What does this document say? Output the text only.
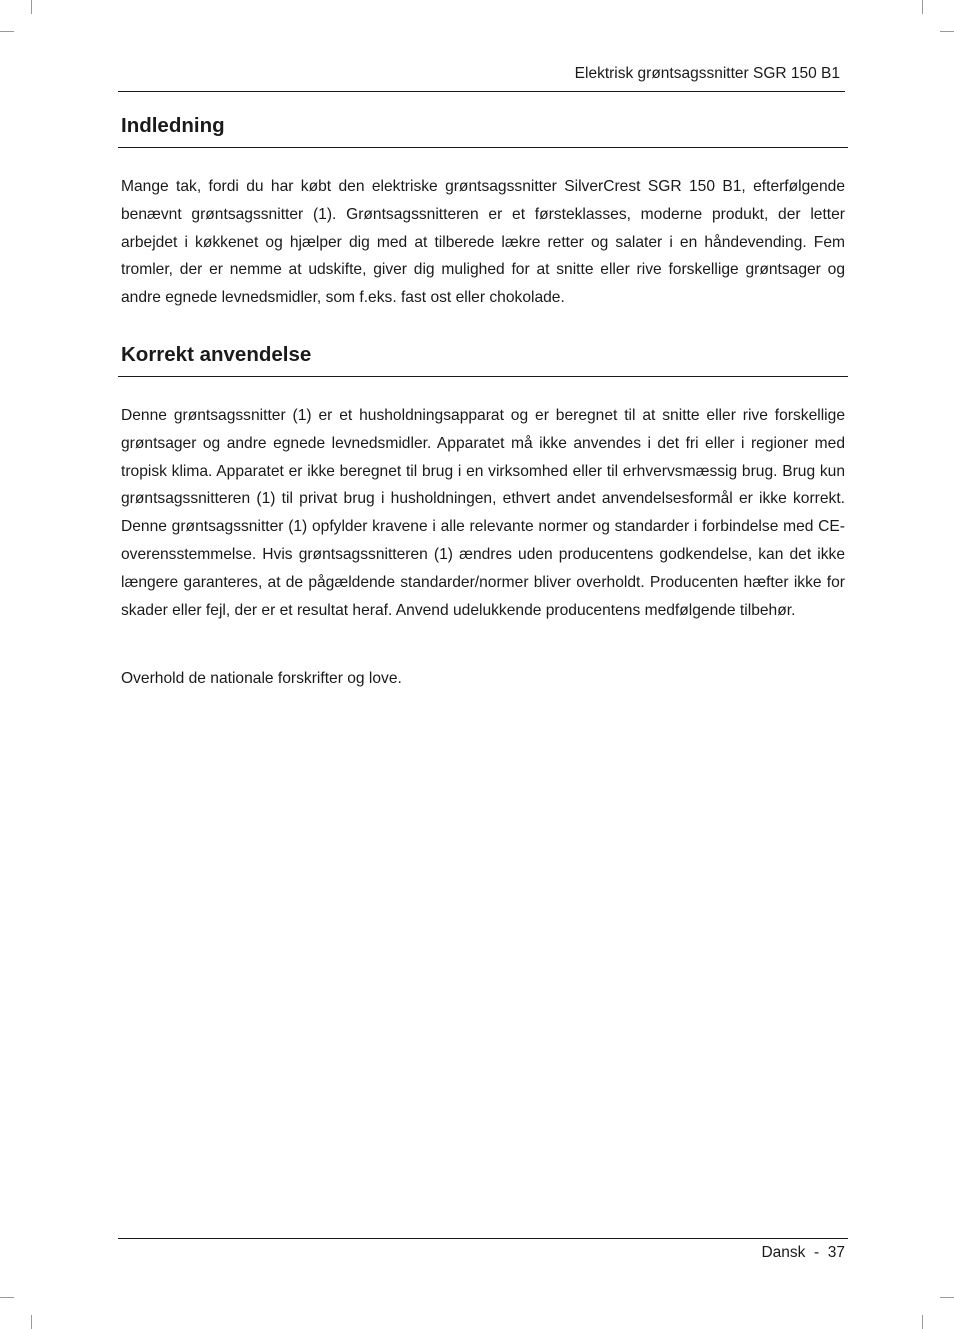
Elektrisk grøntsagssnitter SGR 150 B1
Indledning

Mange tak, fordi du har købt den elektriske grøntsagssnitter SilverCrest SGR 150 B1, efterfølgende benævnt grøntsagssnitter (1). Grøntsagssnitteren er et førsteklasses, moderne produkt, der letter arbejdet i køkkenet og hjælper dig med at tilberede lækre retter og salater i en håndevending. Fem tromler, der er nemme at udskifte, giver dig mulighed for at snitte eller rive forskellige grøntsager og andre egnede levnedsmidler, som f.eks. fast ost eller chokolade.

Korrekt anvendelse

Denne grøntsagssnitter (1) er et husholdningsapparat og er beregnet til at snitte eller rive forskellige grøntsager og andre egnede levnedsmidler. Apparatet må ikke anvendes i det fri eller i regioner med tropisk klima. Apparatet er ikke beregnet til brug i en virksomhed eller til erhvervsmæssig brug. Brug kun grøntsagssnitteren (1) til privat brug i husholdningen, ethvert andet anvendelsesformål er ikke korrekt. Denne grøntsagssnitter (1) opfylder kravene i alle relevante normer og standarder i forbindelse med CE-overensstemmelse. Hvis grøntsagssnitteren (1) ændres uden producentens godkendelse, kan det ikke længere garanteres, at de pågældende standarder/normer bliver overholdt. Producenten hæfter ikke for skader eller fejl, der er et resultat heraf. Anvend udelukkende producentens medfølgende tilbehør.

Overhold de nationale forskrifter og love.

Dansk  -  37
